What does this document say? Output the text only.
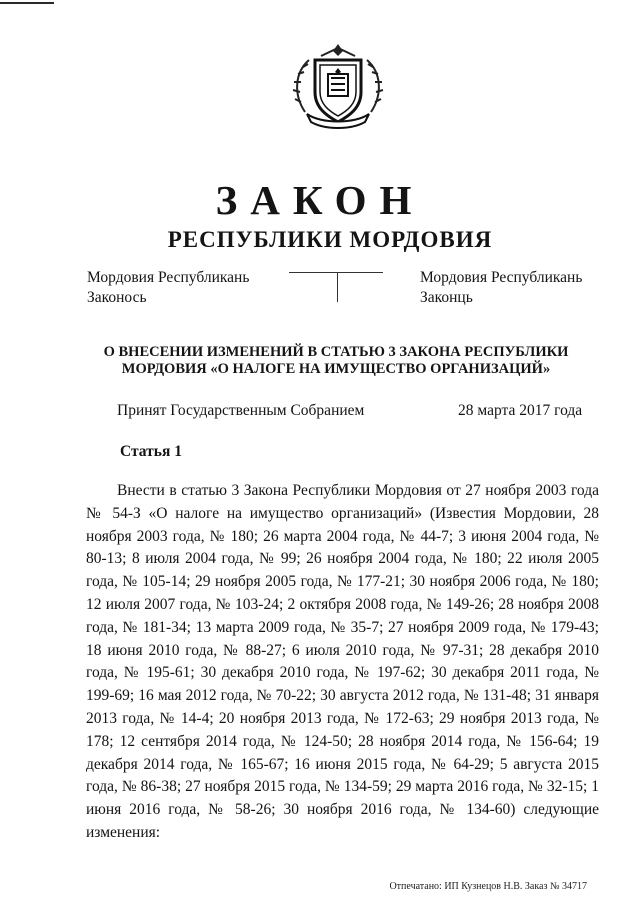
ЗАКОН
РЕСПУБЛИКИ МОРДОВИЯ
Мордовия Республикань
Законось
Мордовия Республикань
Законць
О ВНЕСЕНИИ ИЗМЕНЕНИЙ В СТАТЬЮ 3 ЗАКОНА РЕСПУБЛИКИ
МОРДОВИЯ «О НАЛОГЕ НА ИМУЩЕСТВО ОРГАНИЗАЦИЙ»
Принят Государственным Собранием	28 марта 2017 года
Статья 1
Внести в статью 3 Закона Республики Мордовия от 27 ноября 2003 года № 54-З «О налоге на имущество организаций» (Известия Мордовии, 28 ноября 2003 года, № 180; 26 марта 2004 года, № 44-7; 3 июня 2004 года, № 80-13; 8 июля 2004 года, № 99; 26 ноября 2004 года, № 180; 22 июля 2005 года, № 105-14; 29 ноября 2005 года, № 177-21; 30 ноября 2006 года, № 180; 12 июля 2007 года, № 103-24; 2 октября 2008 года, № 149-26; 28 ноября 2008 года, № 181-34; 13 марта 2009 года, № 35-7; 27 ноября 2009 года, № 179-43; 18 июня 2010 года, № 88-27; 6 июля 2010 года, № 97-31; 28 декабря 2010 года, № 195-61; 30 декабря 2010 года, № 197-62; 30 декабря 2011 года, № 199-69; 16 мая 2012 года, № 70-22; 30 августа 2012 года, № 131-48; 31 января 2013 года, № 14-4; 20 ноября 2013 года, № 172-63; 29 ноября 2013 года, № 178; 12 сентября 2014 года, № 124-50; 28 ноября 2014 года, № 156-64; 19 декабря 2014 года, № 165-67; 16 июня 2015 года, № 64-29; 5 августа 2015 года, № 86-38; 27 ноября 2015 года, № 134-59; 29 марта 2016 года, № 32-15; 1 июня 2016 года, № 58-26; 30 ноября 2016 года, № 134-60) следующие изменения:
Отпечатано: ИП Кузнецов Н.В. Заказ № 34717
